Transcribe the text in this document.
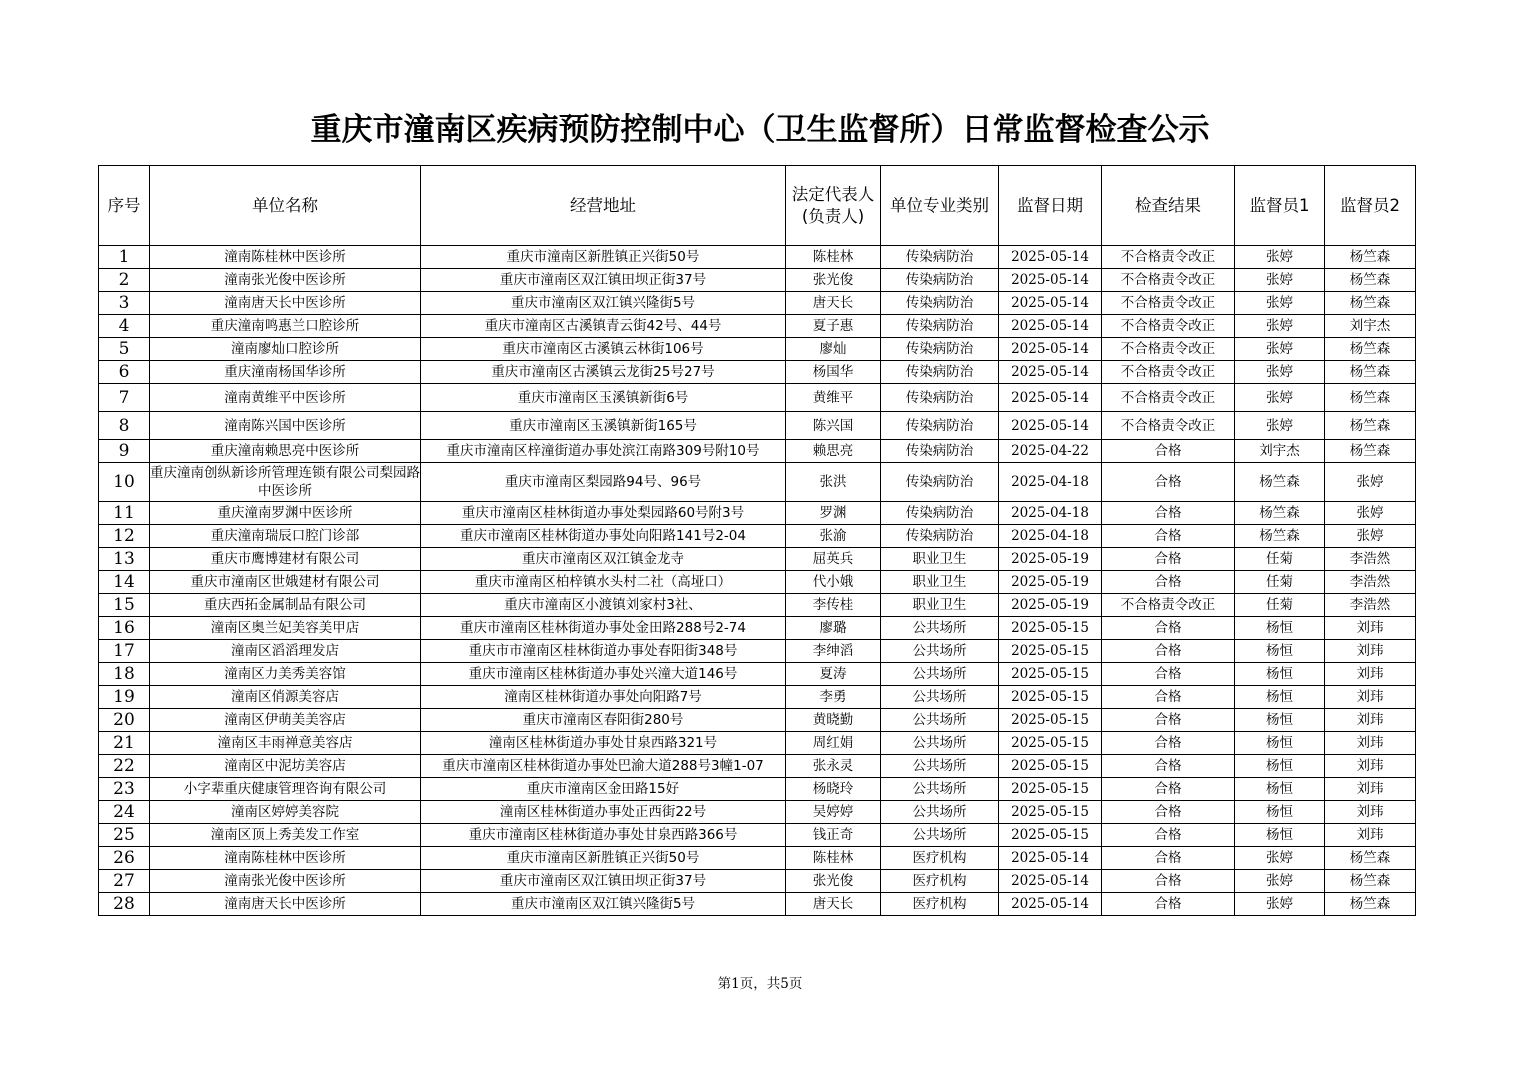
重庆市潼南区疾病预防控制中心（卫生监督所）日常监督检查公示
序号	单位名称	经营地址	法定代表人(负责人)	单位专业类别	监督日期	检查结果	监督员1	监督员2
1	潼南陈桂林中医诊所	重庆市潼南区新胜镇正兴街50号	陈桂林	传染病防治	2025-05-14	不合格责令改正	张婷	杨竺森
2	潼南张光俊中医诊所	重庆市潼南区双江镇田坝正街37号	张光俊	传染病防治	2025-05-14	不合格责令改正	张婷	杨竺森
3	潼南唐天长中医诊所	重庆市潼南区双江镇兴隆街5号	唐天长	传染病防治	2025-05-14	不合格责令改正	张婷	杨竺森
4	重庆潼南鸣惠兰口腔诊所	重庆市潼南区古溪镇青云街42号、44号	夏子惠	传染病防治	2025-05-14	不合格责令改正	张婷	刘宇杰
5	潼南廖灿口腔诊所	重庆市潼南区古溪镇云林街106号	廖灿	传染病防治	2025-05-14	不合格责令改正	张婷	杨竺森
6	重庆潼南杨国华诊所	重庆市潼南区古溪镇云龙街25号27号	杨国华	传染病防治	2025-05-14	不合格责令改正	张婷	杨竺森
7	潼南黄维平中医诊所	重庆市潼南区玉溪镇新街6号	黄维平	传染病防治	2025-05-14	不合格责令改正	张婷	杨竺森
8	潼南陈兴国中医诊所	重庆市潼南区玉溪镇新街165号	陈兴国	传染病防治	2025-05-14	不合格责令改正	张婷	杨竺森
9	重庆潼南赖思亮中医诊所	重庆市潼南区梓潼街道办事处滨江南路309号附10号	赖思亮	传染病防治	2025-04-22	合格	刘宇杰	杨竺森
10	重庆潼南创纵新诊所管理连锁有限公司梨园路中医诊所	重庆市潼南区梨园路94号、96号	张洪	传染病防治	2025-04-18	合格	杨竺森	张婷
11	重庆潼南罗渊中医诊所	重庆市潼南区桂林街道办事处梨园路60号附3号	罗渊	传染病防治	2025-04-18	合格	杨竺森	张婷
12	重庆潼南瑞辰口腔门诊部	重庆市潼南区桂林街道办事处向阳路141号2-04	张渝	传染病防治	2025-04-18	合格	杨竺森	张婷
13	重庆市鹰博建材有限公司	重庆市潼南区双江镇金龙寺	屈英兵	职业卫生	2025-05-19	合格	任菊	李浩然
14	重庆市潼南区世娥建材有限公司	重庆市潼南区柏梓镇水头村二社（高垭口）	代小娥	职业卫生	2025-05-19	合格	任菊	李浩然
15	重庆西拓金属制品有限公司	重庆市潼南区小渡镇刘家村3社、	李传桂	职业卫生	2025-05-19	不合格责令改正	任菊	李浩然
16	潼南区奥兰妃美容美甲店	重庆市潼南区桂林街道办事处金田路288号2-74	廖璐	公共场所	2025-05-15	合格	杨恒	刘玮
17	潼南区滔滔理发店	重庆市市潼南区桂林街道办事处春阳街348号	李绅滔	公共场所	2025-05-15	合格	杨恒	刘玮
18	潼南区力美秀美容馆	重庆市潼南区桂林街道办事处兴潼大道146号	夏涛	公共场所	2025-05-15	合格	杨恒	刘玮
19	潼南区俏源美容店	潼南区桂林街道办事处向阳路7号	李勇	公共场所	2025-05-15	合格	杨恒	刘玮
20	潼南区伊萌美美容店	重庆市潼南区春阳街280号	黄晓勤	公共场所	2025-05-15	合格	杨恒	刘玮
21	潼南区丰雨禅意美容店	潼南区桂林街道办事处甘泉西路321号	周红娟	公共场所	2025-05-15	合格	杨恒	刘玮
22	潼南区中泥坊美容店	重庆市潼南区桂林街道办事处巴渝大道288号3幢1-07	张永灵	公共场所	2025-05-15	合格	杨恒	刘玮
23	小字辈重庆健康管理咨询有限公司	重庆市潼南区金田路15好	杨晓玲	公共场所	2025-05-15	合格	杨恒	刘玮
24	潼南区婷婷美容院	潼南区桂林街道办事处正西街22号	吴婷婷	公共场所	2025-05-15	合格	杨恒	刘玮
25	潼南区顶上秀美发工作室	重庆市潼南区桂林街道办事处甘泉西路366号	钱正奇	公共场所	2025-05-15	合格	杨恒	刘玮
26	潼南陈桂林中医诊所	重庆市潼南区新胜镇正兴街50号	陈桂林	医疗机构	2025-05-14	合格	张婷	杨竺森
27	潼南张光俊中医诊所	重庆市潼南区双江镇田坝正街37号	张光俊	医疗机构	2025-05-14	合格	张婷	杨竺森
28	潼南唐天长中医诊所	重庆市潼南区双江镇兴隆街5号	唐天长	医疗机构	2025-05-14	合格	张婷	杨竺森
第1页，共5页
